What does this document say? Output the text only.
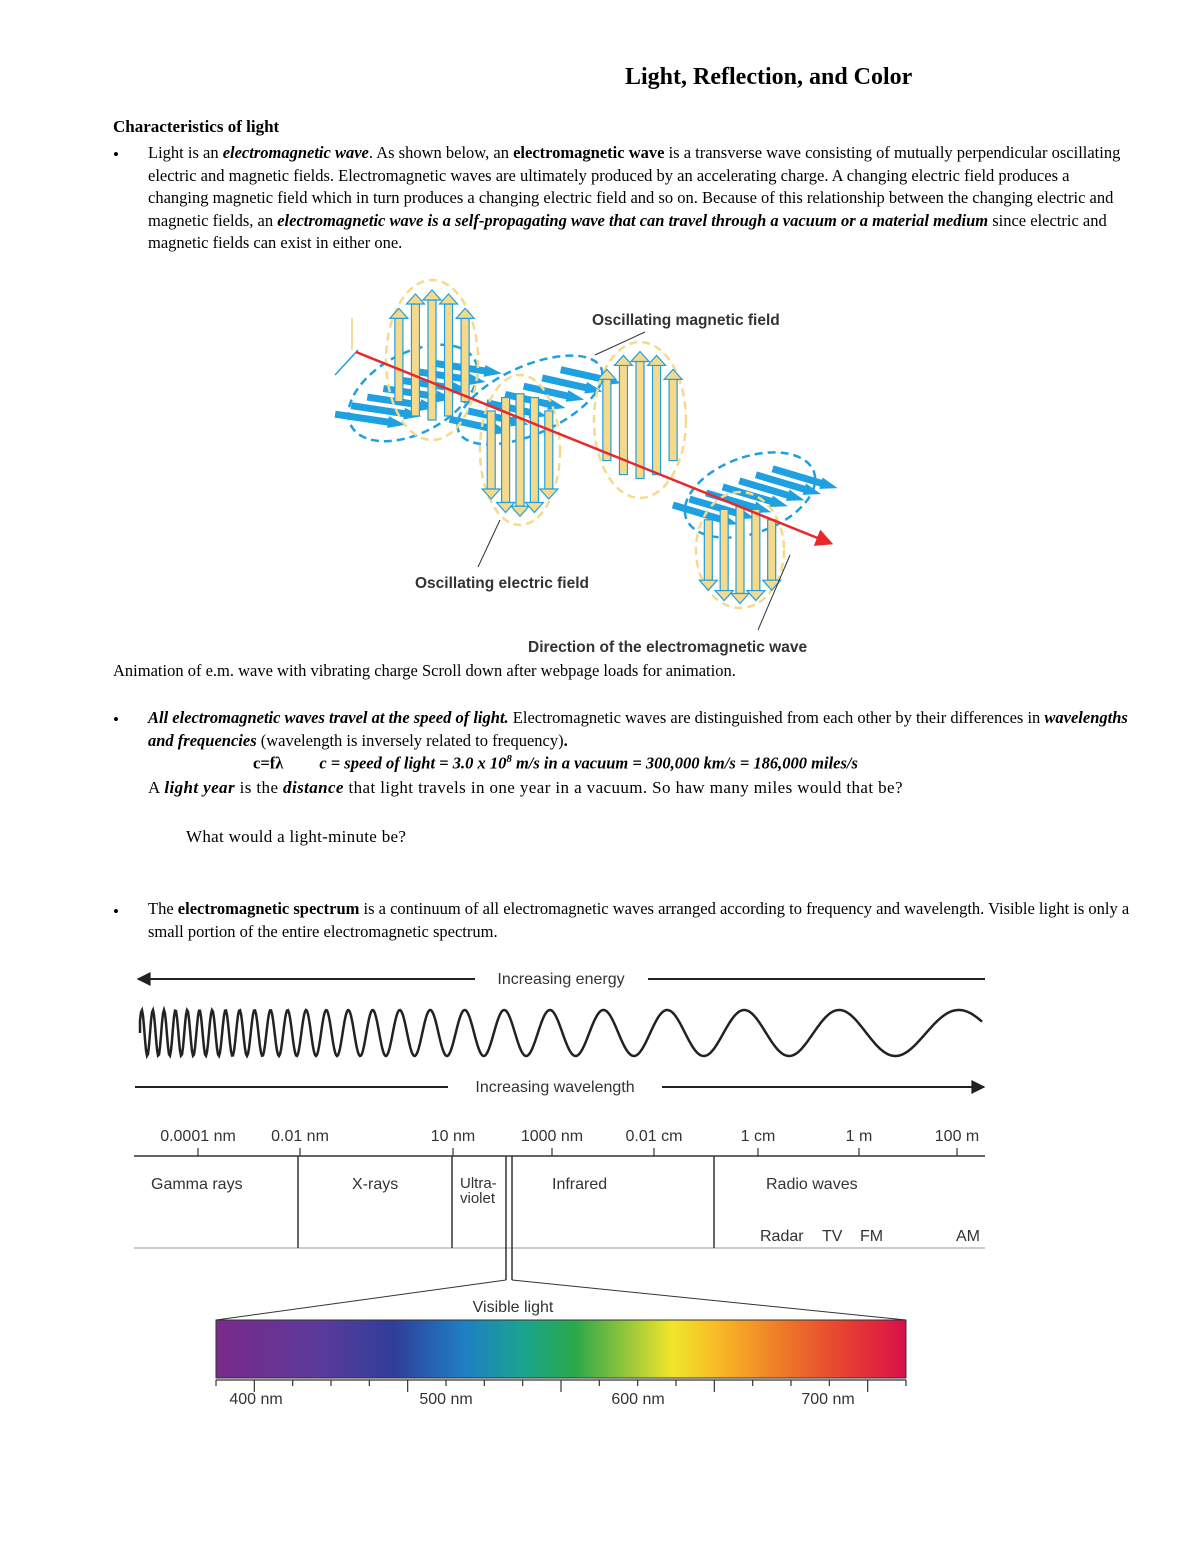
Light, Reflection, and Color
Characteristics of light
• Light is an electromagnetic wave. As shown below, an electromagnetic wave is a transverse wave consisting of mutually perpendicular oscillating electric and magnetic fields. Electromagnetic waves are ultimately produced by an accelerating charge. A changing electric field produces a changing magnetic field which in turn produces a changing electric field and so on. Because of this relationship between the changing electric and magnetic fields, an electromagnetic wave is a self-propagating wave that can travel through a vacuum or a material medium since electric and magnetic fields can exist in either one.

Oscillating magnetic field
Oscillating electric field
Direction of the electromagnetic wave

Animation of e.m. wave with vibrating charge Scroll down after webpage loads for animation.

• All electromagnetic waves travel at the speed of light. Electromagnetic waves are distinguished from each other by their differences in wavelengths and frequencies (wavelength is inversely related to frequency).

c=fλ c = speed of light = 3.0 x $10^8$ m/s in a vacuum = 300,000 km/s = 186,000 miles/s

A light year is the distance that light travels in one year in a vacuum. So haw many miles would that be?

What would a light-minute be?

• The electromagnetic spectrum is a continuum of all electromagnetic waves arranged according to frequency and wavelength. Visible light is only a small portion of the entire electromagnetic spectrum.

Increasing energy
Increasing wavelength
0.0001 nm 0.01 nm	10 nm	1000 nm	0.01 cm	1 cm	1 m	100 m
Gamma rays	X-rays	Ultra-
violet
Infrared	Radio waves
Radar TV FM	AM
Visible light
400 nm	500 nm	600 nm	700 nm
